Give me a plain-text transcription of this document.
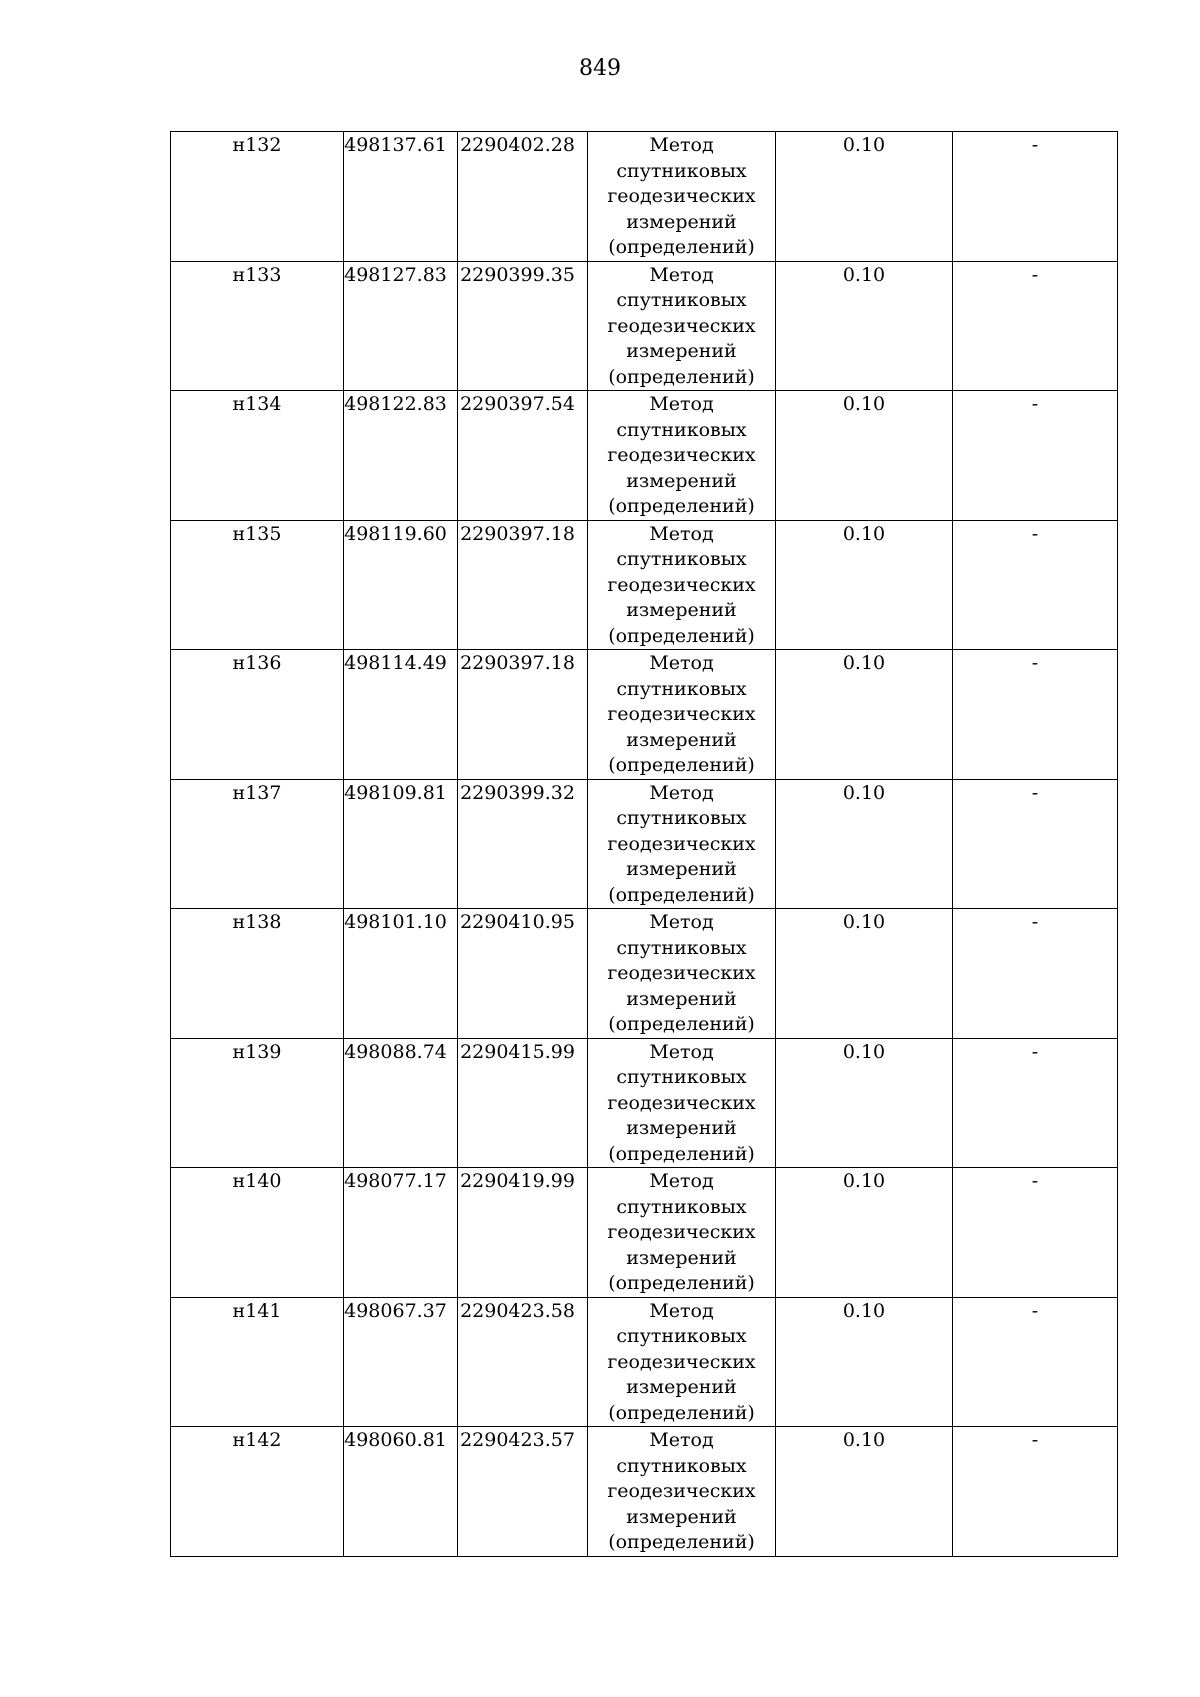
849
н132	498137.61	2290402.28	Метод спутниковых геодезических измерений (определений)	0.10	-

н133	498127.83	2290399.35	Метод спутниковых геодезических измерений (определений)	0.10	-

н134	498122.83	2290397.54	Метод спутниковых геодезических измерений (определений)	0.10	-

н135	498119.60	2290397.18	Метод спутниковых геодезических измерений (определений)	0.10	-

н136	498114.49	2290397.18	Метод спутниковых геодезических измерений (определений)	0.10	-

н137	498109.81	2290399.32	Метод спутниковых геодезических измерений (определений)	0.10	-

н138	498101.10	2290410.95	Метод спутниковых геодезических измерений (определений)	0.10	-

н139	498088.74	2290415.99	Метод спутниковых геодезических измерений (определений)	0.10	-

н140	498077.17	2290419.99	Метод спутниковых геодезических измерений (определений)	0.10	-

н141	498067.37	2290423.58	Метод спутниковых геодезических измерений (определений)	0.10	-

н142	498060.81	2290423.57	Метод спутниковых геодезических измерений (определений)	0.10	-
